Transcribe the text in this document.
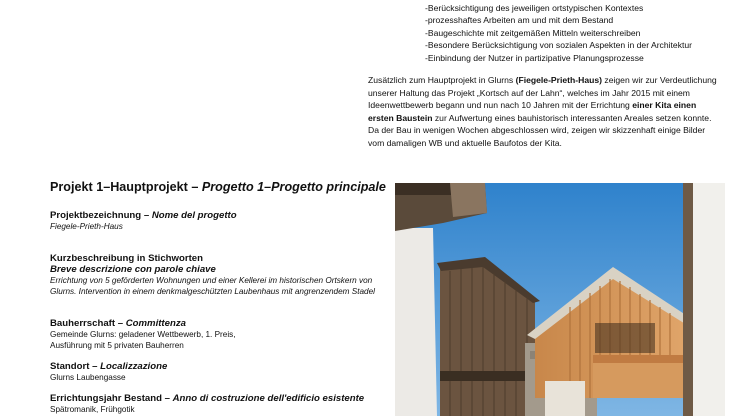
-Berücksichtigung des jeweiligen ortstypischen Kontextes
-prozesshaftes Arbeiten am und mit dem Bestand
-Baugeschichte mit zeitgemäßen Mitteln weiterschreiben
-Besondere Berücksichtigung von sozialen Aspekten in der Architektur
-Einbindung der Nutzer in partizipative Planungsprozesse
Zusätzlich zum Hauptprojekt in Glurns (Fiegele-Prieth-Haus) zeigen wir zur Verdeutlichung unserer Haltung das Projekt „Kortsch auf der Lahn“, welches im Jahr 2015 mit einem Ideenwettbewerb begann und nun nach 10 Jahren mit der Errichtung einer Kita einen ersten Baustein zur Aufwertung eines bauhistorisch interessanten Areales setzen konnte. Da der Bau in wenigen Wochen abgeschlossen wird, zeigen wir skizzenhaft einige Bilder vom damaligen WB und aktuelle Baufotos der Kita.
Projekt 1–Hauptprojekt – Progetto 1–Progetto principale
Projektbezeichnung – Nome del progetto
Fiegele-Prieth-Haus
Kurzbeschreibung in Stichworten
Breve descrizione con parole chiave
Errichtung von 5 geförderten Wohnungen und einer Kellerei im historischen Ortskern von Glurns. Intervention in einem denkmalgeschützten Laubenhaus mit angrenzendem Stadel
Bauherrschaft – Committenza
Gemeinde Glurns: geladener Wettbewerb, 1. Preis,
Ausführung mit 5 privaten Bauherren
Standort – Localizzazione
Glurns Laubengasse
Errichtungsjahr Bestand – Anno di costruzione dell'edificio esistente
Spätromanik, Frühgotik
